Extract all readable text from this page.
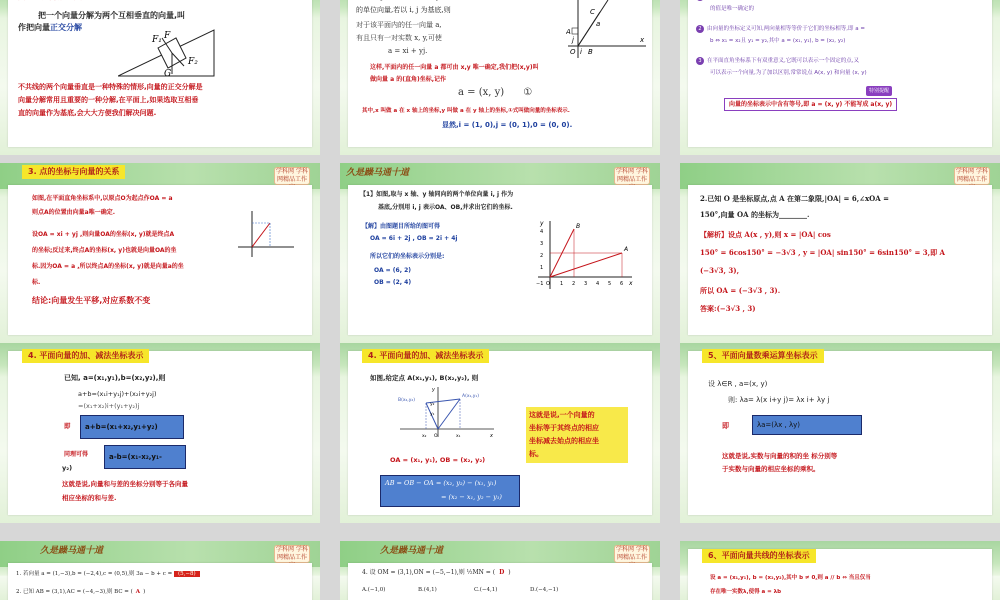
把一个向量分解为两个互相垂直的向量,叫
作把向量正交分解
F₁ F
G
F₂
不共线的两个向量垂直是一种特殊的情形,向量的正交分解是
向量分解常用且重要的一种分解,在平面上,如果选取互相垂
直的向量作为基底,会大大方便我们解决问题.
的单位向量,若以 i, j 为基底,则
对于该平面内的任一向量 a,
有且只有一对实数 x, y,可使
a = xi + yj.
C
a
A
j
O i B
x
这样,平面内的任一向量 a 都可由 x,y 唯一确定,我们把(x,y)叫
做向量 a 的(直角)坐标,记作
a = (x, y) ①
其中,x 叫做 a 在 x 轴上的坐标,y 叫做 a 在 y 轴上的坐标,①式叫做向量的坐标表示.
显然,i = (1, 0),j = (0, 1),0 = (0, 0).
的值是唯一确定的
2 由向量的坐标定义可知,两向量相等等价于它们的坐标相等,即 a =
b ⇔ x₁ = x₂且 y₁ = y₂,其中 a = (x₁, y₁), b = (x₂, y₂)
3 在平面直角坐标系下有双重意义,它既可以表示一个固定的点,又
可以表示一个向量,为了加以区别,常常说点 A(x, y) 和向量 (x, y)
特别提醒
向量的坐标表示中含有等号,即 a = (x, y) 不能写成 a(x, y)
学科网 学科网精品工作
3. 点的坐标与向量的关系
如图,在平面直角坐标系中,以原点O为起点作OA = a
则点A的位置由向量a唯一确定.
设OA = xi + yj ,则向量OA的坐标(x, y)就是终点A
的坐标;反过来,终点A的坐标(x, y)也就是向量OA的坐
标.因为OA = a ,所以终点A的坐标(x, y)就是向量a的坐
标.
结论:向量发生平移,对应系数不变
久是躁马通十道	学科网 学科网精品工作
【1】如图,取与 x 轴、y 轴同向的两个单位向量 i, j 作为
基底,分别用 i, j 表示OA、OB,并求出它们的坐标.
【解】由图题目所给的图可得
OA = 6i + 2j , OB = 2i + 4j
所以它们的坐标表示分别是:
OA = (6, 2)
OB = (2, 4)
y
4
3
2
1
−1 O 1 2 3 4 5 6 x
A
B
学科网 学科网精品工作
2.已知 O 是坐标原点,点 A 在第二象限,|OA| = 6,∠xOA =
150°,向量 OA 的坐标为________.
【解析】设点 A(x , y),则 x = |OA| cos
150° = 6cos150° = −3√3 , y = |OA| sin150° = 6sin150° = 3,即 A
(−3√3, 3),
所以 OA = (−3√3 , 3).
答案:(−3√3 , 3)
4. 平面向量的加、减法坐标表示
已知, a=(x₁,y₁),b=(x₂,y₂),则
a+b=(x₁i+y₁j)+(x₂i+y₂j)
=(x₁+x₂)i+(y₁+y₂)j
即	a+b=(x₁+x₂,y₁+y₂)
同理可得	a-b=(x₁-x₂,y₁-
y₂)
这就是说,向量和与差的坐标分别等于各向量
相应坐标的和与差.
4. 平面向量的加、减法坐标表示
如图,给定点 A(x₁,y₁), B(x₂,y₂), 则
y
B(x₂,y₂)
A(x₁,y₁)
y₂
y₁
x₂ O	x₁	x
OA = (x₁, y₁), OB = (x₂, y₂)
AB = OB − OA = (x₂, y₂) − (x₁, y₁)
= (x₂ − x₁, y₂ − y₁)
这就是说,一个向量的
坐标等于其终点的相应
坐标减去始点的相应坐
标。
5、平面向量数乘运算坐标表示
设 λ∈R , a=(x, y)
则: λa= λ(x i+y j)= λx i+ λy j
即	λa=(λx , λy)
这就是说,实数与向量的积的坐 标分别等
于实数与向量的相应坐标的乘积。
久是躁马通十道	学科网 学科网精品工作
1. 若向量 a = (1,−3),b = (−2,4),c = (0,5),则 3a − b + c = (5,−8)
2. 已知 AB = (3,1),AC = (−4,−3),则 BC = ( A )
久是躁马通十道	学科网 学科网精品工作
4. 设 OM = (3,1),ON = (−5,−1),则 ½MN = ( D )
A.(−1,0)	B.(4,1)	C.(−4,1)	D.(−4,−1)
6、平面向量共线的坐标表示
设 a = (x₁,y₁), b = (x₂,y₂),其中 b ≠ 0,则 a // b ⇔ 当且仅当
存在唯一实数λ,使得 a = λb
